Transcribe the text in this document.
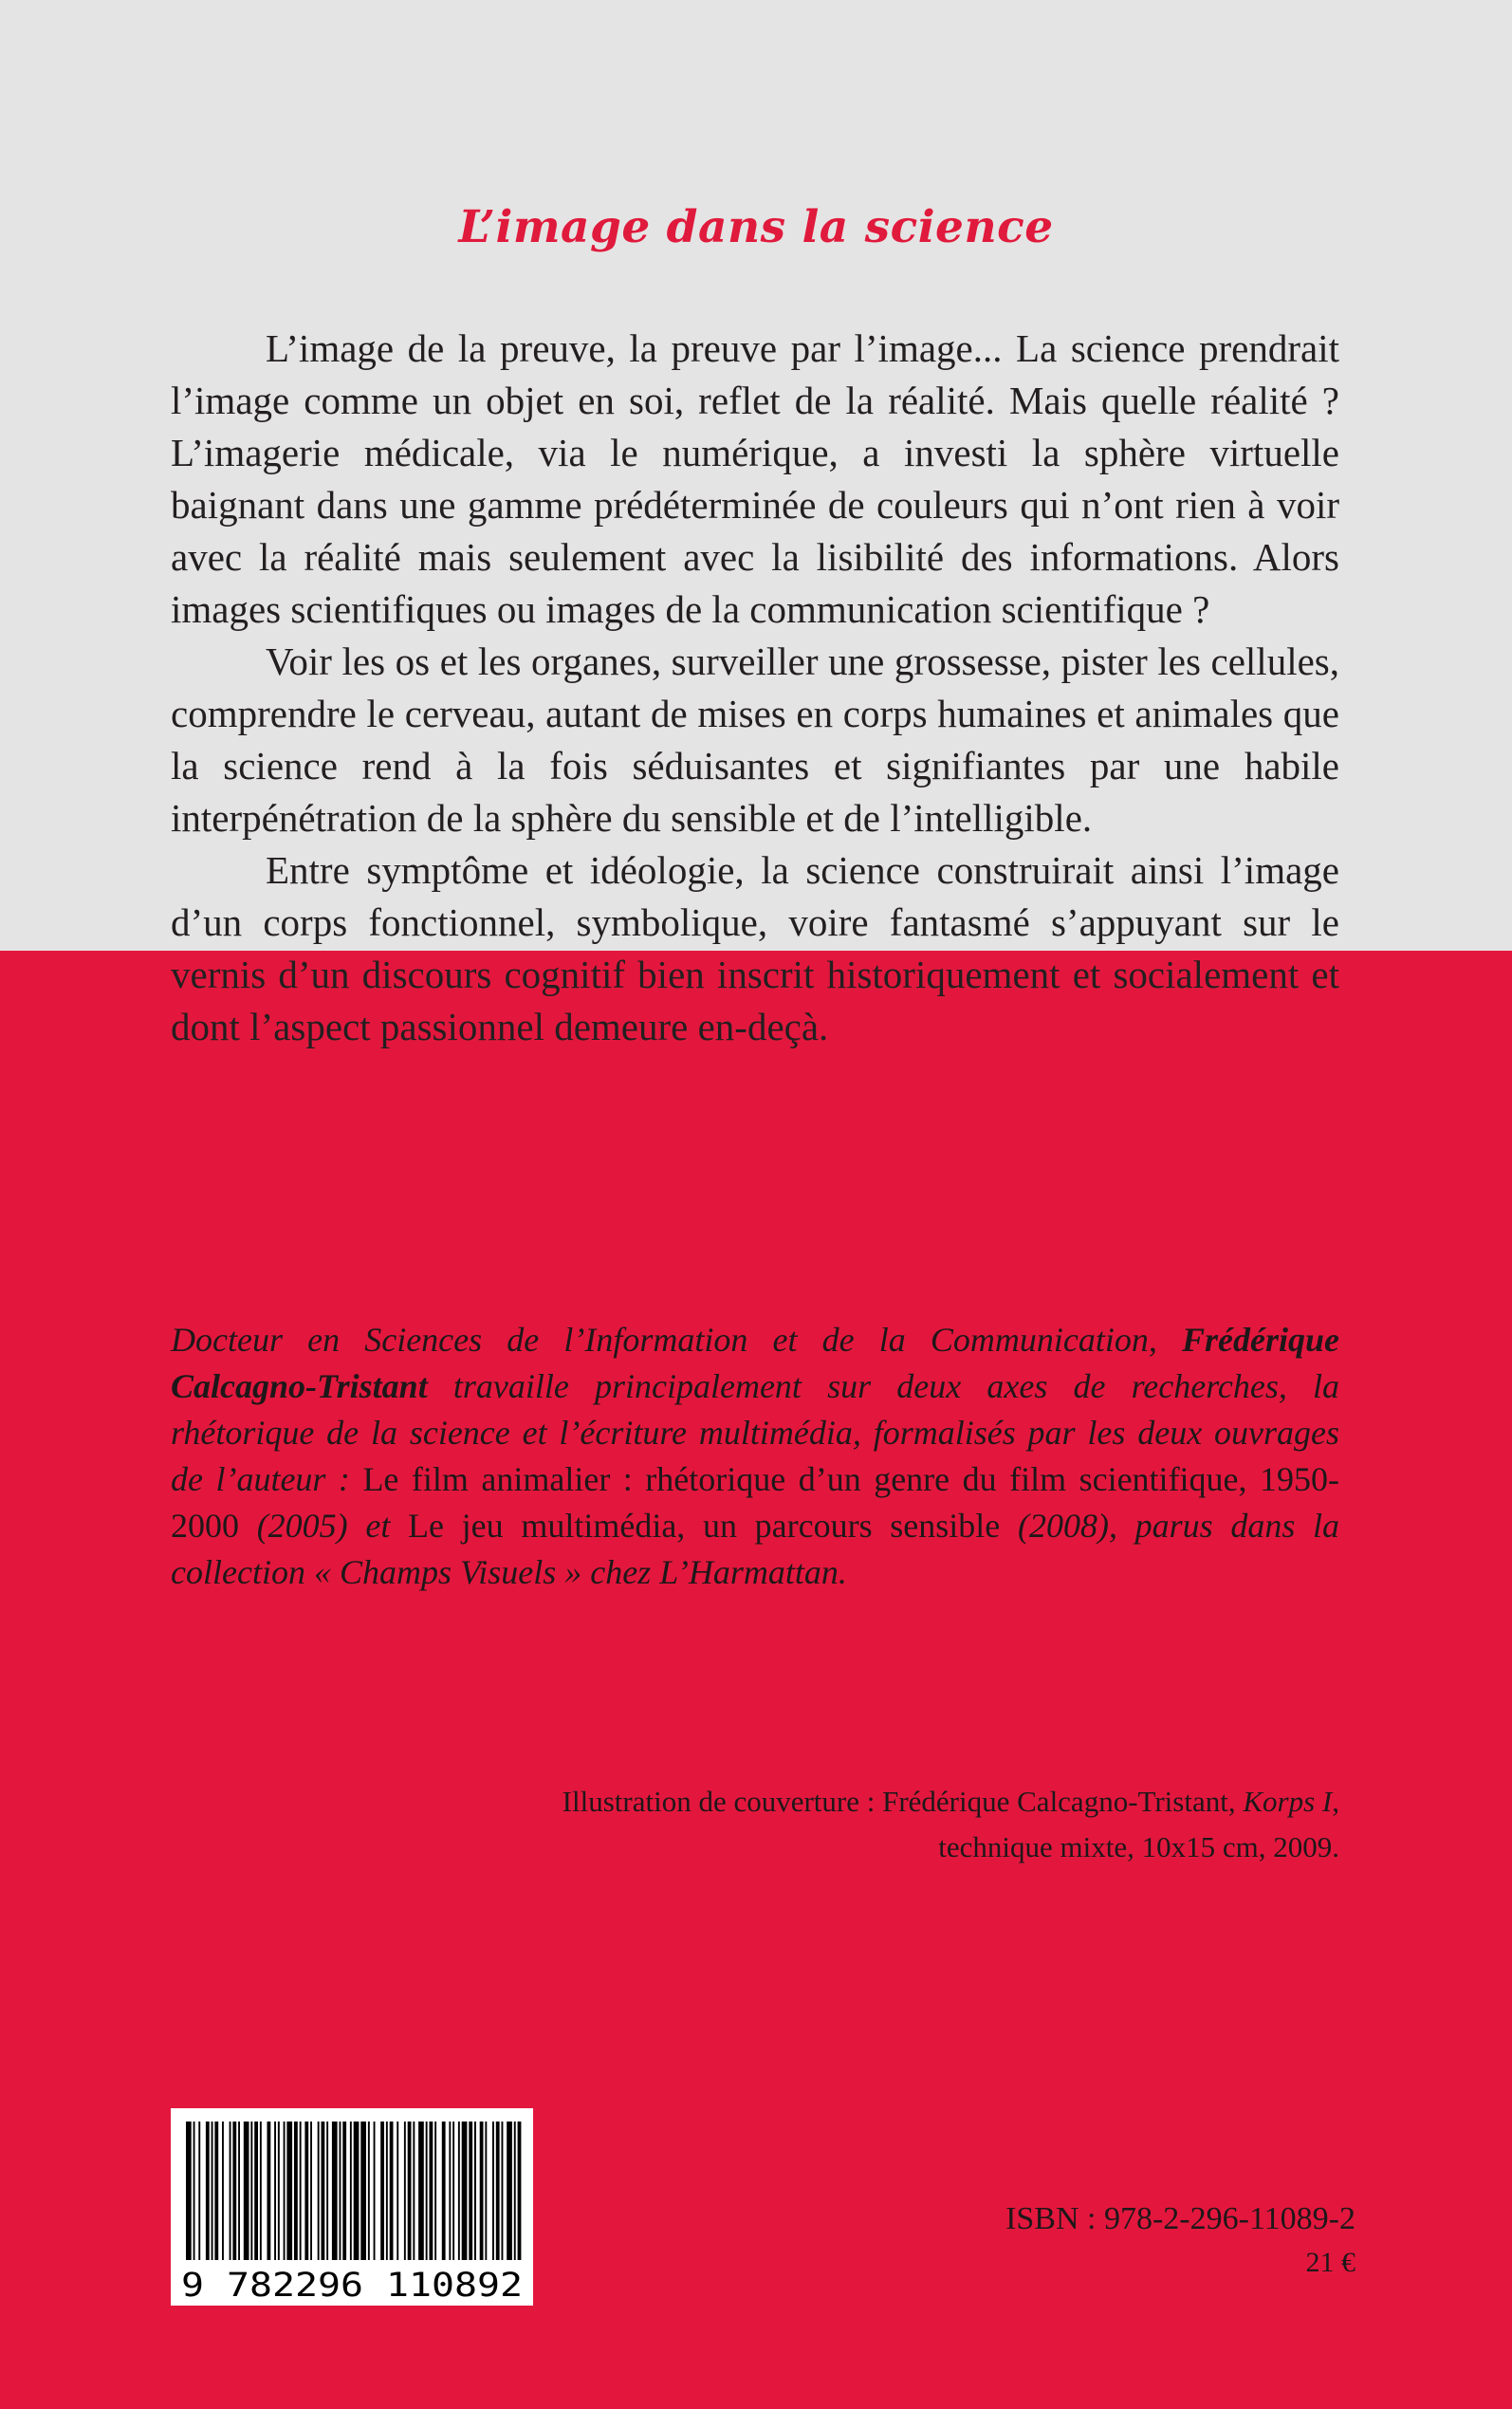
L’image dans la science

L’image de la preuve, la preuve par l’image... La science prendrait l’image comme un objet en soi, reflet de la réalité. Mais quelle réalité ? L’imagerie médicale, via le numérique, a investi la sphère virtuelle baignant dans une gamme prédéterminée de couleurs qui n’ont rien à voir avec la réalité mais seulement avec la lisibilité des informations. Alors images scientifiques ou images de la communication scientifique ?

Voir les os et les organes, surveiller une grossesse, pister les cellules, comprendre le cerveau, autant de mises en corps humaines et animales que la science rend à la fois séduisantes et signifiantes par une habile interpénétration de la sphère du sensible et de l’intelligible.

Entre symptôme et idéologie, la science construirait ainsi l’image d’un corps fonctionnel, symbolique, voire fantasmé s’appuyant sur le vernis d’un discours cognitif bien inscrit historiquement et socialement et dont l’aspect passionnel demeure en-deçà.

Docteur en Sciences de l’Information et de la Communication, Frédérique Calcagno-Tristant travaille principalement sur deux axes de recherches, la rhétorique de la science et l’écriture multimédia, formalisés par les deux ouvrages de l’auteur : Le film animalier : rhétorique d’un genre du film scientifique, 1950-2000 (2005) et Le jeu multimédia, un parcours sensible (2008), parus dans la collection « Champs Visuels » chez L’Harmattan.

Illustration de couverture : Frédérique Calcagno-Tristant, Korps I,

technique mixte, 10x15 cm, 2009.

9 782296 110892

ISBN : 978-2-296-11089-2

21 €
